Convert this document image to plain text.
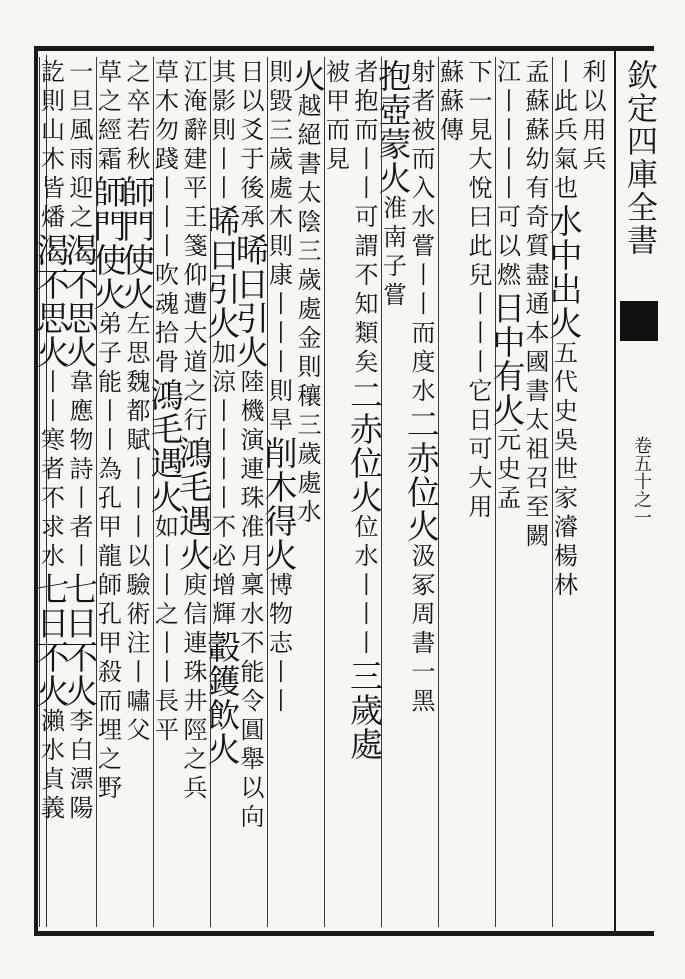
欽定四庫全書
卷五十之一
利以用兵
丨此兵氣也水中出火五代史吳世家濬楊林
孟蘇蘇幼有奇質盡通本國書太祖召至闕
江丨丨丨丨可以燃日中有火元史孟
下一見大悅曰此兒丨丨丨它日可大用
蘇蘇傳
射者被而入水嘗丨丨而度水二赤位火汲冢周書一黑
抱壺蒙火淮南子嘗
者抱而丨丨可謂不知類矣二赤位火位水丨丨丨三歲處
被甲而見
火越絕書太陰三歲處金則穰三歲處水
則毀三歲處木則康丨丨丨則旱削木得火博物志丨丨
日以爻于後承晞日引火陸機演連珠准月稟水不能令圓舉以向
其影則丨丨晞日引火加涼丨丨丨丨不必增輝轂鑊飲火
江淹辭建平王箋仰遭大道之行鴻毛遇火庾信連珠井陘之兵
草木勿踐丨丨丨吹魂拾骨鴻毛遇火如丨丨之丨丨長平
之卒若秋師門使火左思魏都賦丨丨丨以驗術注丨嘯父
草之經霜師門使火弟子能丨丨為孔甲龍師孔甲殺而埋之野
一旦風雨迎之渴不思火韋應物詩丨者丨七日不火李白漂陽
訖則山木皆燔渴不思火丨丨寒者不求水七日不火瀨水貞義
